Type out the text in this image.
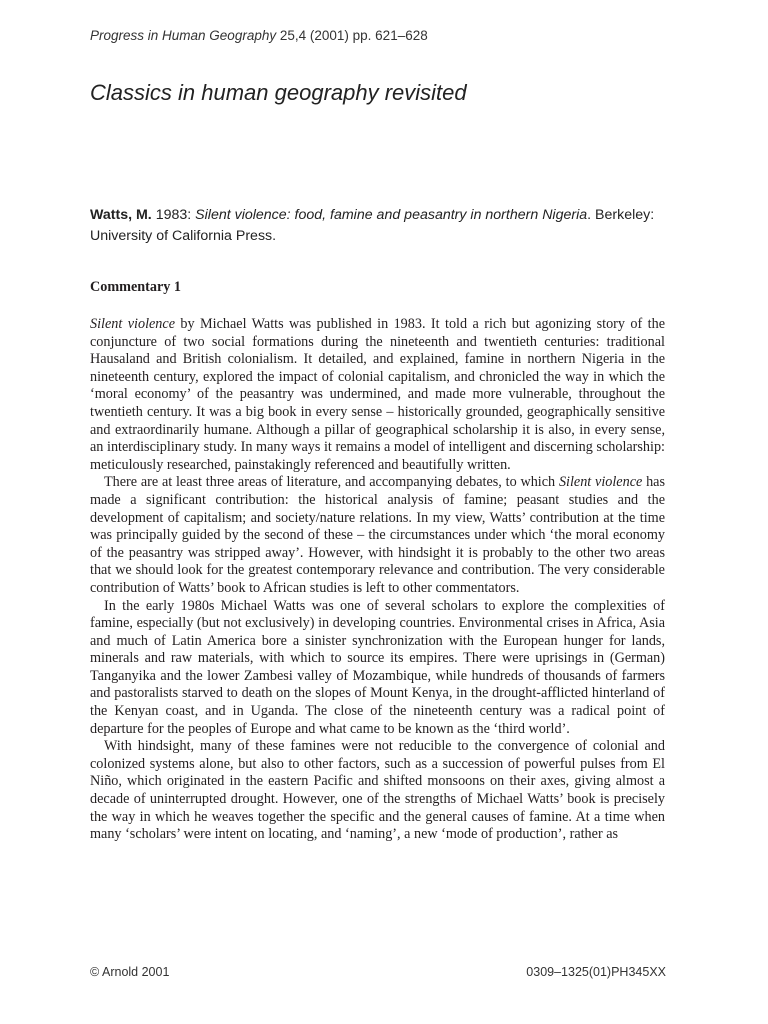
Progress in Human Geography 25,4 (2001) pp. 621–628
Classics in human geography revisited
Watts, M. 1983: Silent violence: food, famine and peasantry in northern Nigeria. Berkeley: University of California Press.
Commentary 1

Silent violence by Michael Watts was published in 1983. It told a rich but agonizing story of the conjuncture of two social formations during the nineteenth and twentieth centuries: traditional Hausaland and British colonialism. It detailed, and explained, famine in northern Nigeria in the nineteenth century, explored the impact of colonial capitalism, and chronicled the way in which the ‘moral economy’ of the peasantry was undermined, and made more vulnerable, throughout the twentieth century. It was a big book in every sense – historically grounded, geographically sensitive and extraordinarily humane. Although a pillar of geographical scholarship it is also, in every sense, an interdisciplinary study. In many ways it remains a model of intelligent and discerning scholarship: meticulously researched, painstakingly referenced and beautifully written.

There are at least three areas of literature, and accompanying debates, to which Silent violence has made a significant contribution: the historical analysis of famine; peasant studies and the development of capitalism; and society/nature relations. In my view, Watts’ contribution at the time was principally guided by the second of these – the circumstances under which ‘the moral economy of the peasantry was stripped away’. However, with hindsight it is probably to the other two areas that we should look for the greatest contemporary relevance and contribution. The very considerable contribution of Watts’ book to African studies is left to other commentators.

In the early 1980s Michael Watts was one of several scholars to explore the complexities of famine, especially (but not exclusively) in developing countries. Environmental crises in Africa, Asia and much of Latin America bore a sinister synchronization with the European hunger for lands, minerals and raw materials, with which to source its empires. There were uprisings in (German) Tanganyika and the lower Zambesi valley of Mozambique, while hundreds of thousands of farmers and pastoralists starved to death on the slopes of Mount Kenya, in the drought-afflicted hinterland of the Kenyan coast, and in Uganda. The close of the nineteenth century was a radical point of departure for the peoples of Europe and what came to be known as the ‘third world’.

With hindsight, many of these famines were not reducible to the convergence of colonial and colonized systems alone, but also to other factors, such as a succession of powerful pulses from El Niño, which originated in the eastern Pacific and shifted monsoons on their axes, giving almost a decade of uninterrupted drought. However, one of the strengths of Michael Watts’ book is precisely the way in which he weaves together the specific and the general causes of famine. At a time when many ‘scholars’ were intent on locating, and ‘naming’, a new ‘mode of production’, rather as

© Arnold 2001	0309–1325(01)PH345XX
